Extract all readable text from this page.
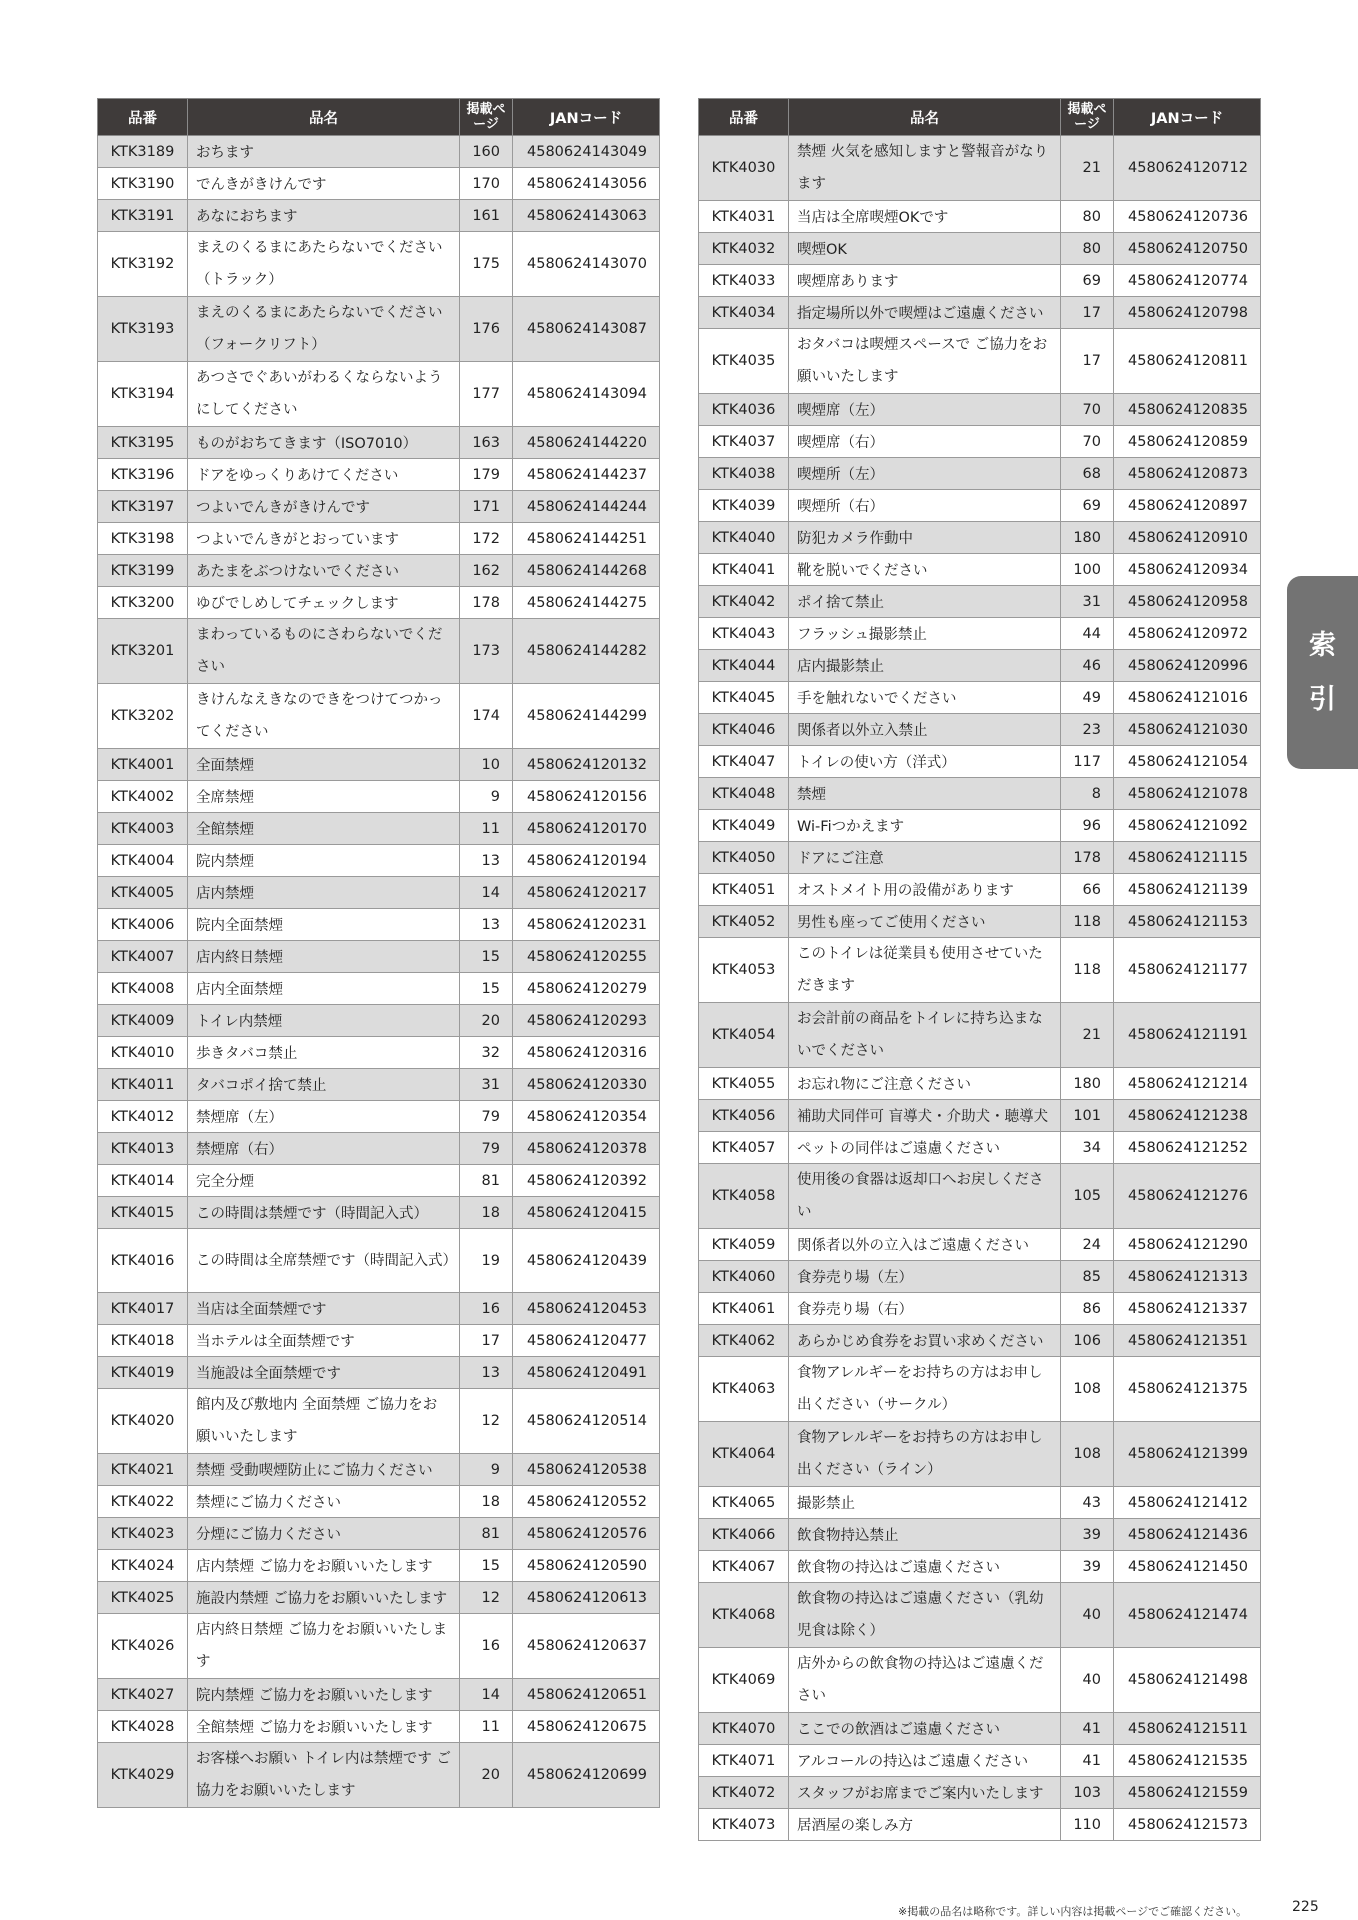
品番	品名	掲載ページ	JANコード
KTK3189	おちます	160	4580624143049
KTK3190	でんきがきけんです	170	4580624143056
KTK3191	あなにおちます	161	4580624143063
KTK3192	まえのくるまにあたらないでください（トラック）	175	4580624143070
KTK3193	まえのくるまにあたらないでください（フォークリフト）	176	4580624143087
KTK3194	あつさでぐあいがわるくならないようにしてください	177	4580624143094
KTK3195	ものがおちてきます（ISO7010）	163	4580624144220
KTK3196	ドアをゆっくりあけてください	179	4580624144237
KTK3197	つよいでんきがきけんです	171	4580624144244
KTK3198	つよいでんきがとおっています	172	4580624144251
KTK3199	あたまをぶつけないでください	162	4580624144268
KTK3200	ゆびでしめしてチェックします	178	4580624144275
KTK3201	まわっているものにさわらないでください	173	4580624144282
KTK3202	きけんなえきなのできをつけてつかってください	174	4580624144299
KTK4001	全面禁煙	10	4580624120132
KTK4002	全席禁煙	9	4580624120156
KTK4003	全館禁煙	11	4580624120170
KTK4004	院内禁煙	13	4580624120194
KTK4005	店内禁煙	14	4580624120217
KTK4006	院内全面禁煙	13	4580624120231
KTK4007	店内終日禁煙	15	4580624120255
KTK4008	店内全面禁煙	15	4580624120279
KTK4009	トイレ内禁煙	20	4580624120293
KTK4010	歩きタバコ禁止	32	4580624120316
KTK4011	タバコポイ捨て禁止	31	4580624120330
KTK4012	禁煙席（左）	79	4580624120354
KTK4013	禁煙席（右）	79	4580624120378
KTK4014	完全分煙	81	4580624120392
KTK4015	この時間は禁煙です（時間記入式）	18	4580624120415
KTK4016	この時間は全席禁煙です（時間記入式）	19	4580624120439
KTK4017	当店は全面禁煙です	16	4580624120453
KTK4018	当ホテルは全面禁煙です	17	4580624120477
KTK4019	当施設は全面禁煙です	13	4580624120491
KTK4020	館内及び敷地内 全面禁煙 ご協力をお願いいたします	12	4580624120514
KTK4021	禁煙 受動喫煙防止にご協力ください	9	4580624120538
KTK4022	禁煙にご協力ください	18	4580624120552
KTK4023	分煙にご協力ください	81	4580624120576
KTK4024	店内禁煙 ご協力をお願いいたします	15	4580624120590
KTK4025	施設内禁煙 ご協力をお願いいたします	12	4580624120613
KTK4026	店内終日禁煙 ご協力をお願いいたします	16	4580624120637
KTK4027	院内禁煙 ご協力をお願いいたします	14	4580624120651
KTK4028	全館禁煙 ご協力をお願いいたします	11	4580624120675
KTK4029	お客様へお願い トイレ内は禁煙です ご協力をお願いいたします	20	4580624120699
品番	品名	掲載ページ	JANコード
KTK4030	禁煙 火気を感知しますと警報音がなります	21	4580624120712
KTK4031	当店は全席喫煙OKです	80	4580624120736
KTK4032	喫煙OK	80	4580624120750
KTK4033	喫煙席あります	69	4580624120774
KTK4034	指定場所以外で喫煙はご遠慮ください	17	4580624120798
KTK4035	おタバコは喫煙スペースで ご協力をお願いいたします	17	4580624120811
KTK4036	喫煙席（左）	70	4580624120835
KTK4037	喫煙席（右）	70	4580624120859
KTK4038	喫煙所（左）	68	4580624120873
KTK4039	喫煙所（右）	69	4580624120897
KTK4040	防犯カメラ作動中	180	4580624120910
KTK4041	靴を脱いでください	100	4580624120934
KTK4042	ポイ捨て禁止	31	4580624120958
KTK4043	フラッシュ撮影禁止	44	4580624120972
KTK4044	店内撮影禁止	46	4580624120996
KTK4045	手を触れないでください	49	4580624121016
KTK4046	関係者以外立入禁止	23	4580624121030
KTK4047	トイレの使い方（洋式）	117	4580624121054
KTK4048	禁煙	8	4580624121078
KTK4049	Wi-Fiつかえます	96	4580624121092
KTK4050	ドアにご注意	178	4580624121115
KTK4051	オストメイト用の設備があります	66	4580624121139
KTK4052	男性も座ってご使用ください	118	4580624121153
KTK4053	このトイレは従業員も使用させていただきます	118	4580624121177
KTK4054	お会計前の商品をトイレに持ち込まないでください	21	4580624121191
KTK4055	お忘れ物にご注意ください	180	4580624121214
KTK4056	補助犬同伴可 盲導犬・介助犬・聴導犬	101	4580624121238
KTK4057	ペットの同伴はご遠慮ください	34	4580624121252
KTK4058	使用後の食器は返却口へお戻しください	105	4580624121276
KTK4059	関係者以外の立入はご遠慮ください	24	4580624121290
KTK4060	食券売り場（左）	85	4580624121313
KTK4061	食券売り場（右）	86	4580624121337
KTK4062	あらかじめ食券をお買い求めください	106	4580624121351
KTK4063	食物アレルギーをお持ちの方はお申し出ください（サークル）	108	4580624121375
KTK4064	食物アレルギーをお持ちの方はお申し出ください（ライン）	108	4580624121399
KTK4065	撮影禁止	43	4580624121412
KTK4066	飲食物持込禁止	39	4580624121436
KTK4067	飲食物の持込はご遠慮ください	39	4580624121450
KTK4068	飲食物の持込はご遠慮ください（乳幼児食は除く）	40	4580624121474
KTK4069	店外からの飲食物の持込はご遠慮ください	40	4580624121498
KTK4070	ここでの飲酒はご遠慮ください	41	4580624121511
KTK4071	アルコールの持込はご遠慮ください	41	4580624121535
KTK4072	スタッフがお席までご案内いたします	103	4580624121559
KTK4073	居酒屋の楽しみ方	110	4580624121573
索
引
※掲載の品名は略称です。詳しい内容は掲載ページでご確認ください。	225
